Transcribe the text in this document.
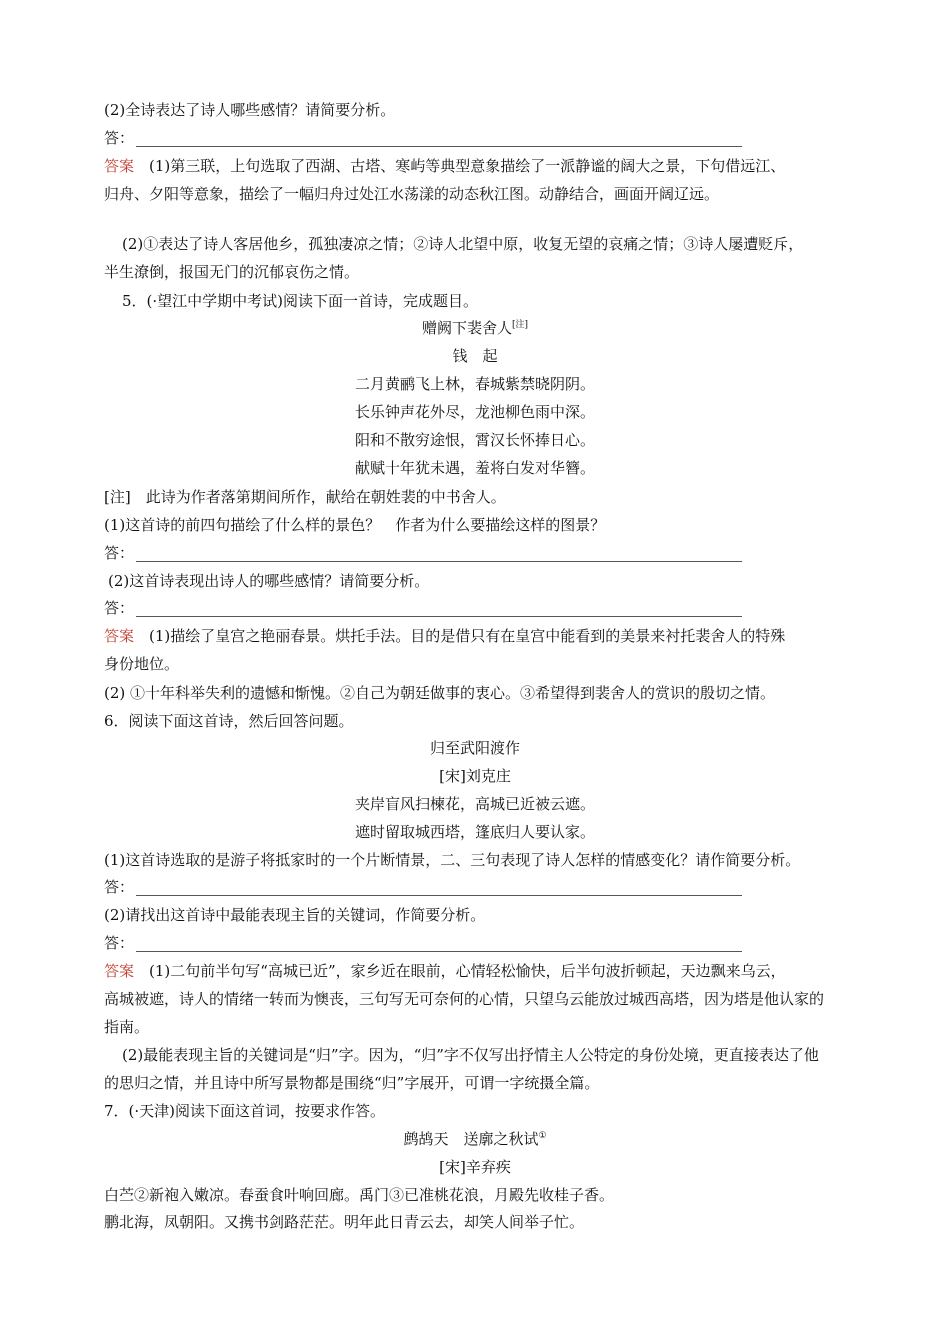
(2)全诗表达了诗人哪些感情？请简要分析。
答：
答案　 (1)第三联，上句选取了西湖、古塔、寒屿等典型意象描绘了一派静谧的阔大之景，下句借远江、
归舟、夕阳等意象，描绘了一幅归舟过处江水荡漾的动态秋江图。动静结合，画面开阔辽远。
(2)①表达了诗人客居他乡，孤独凄凉之情；②诗人北望中原，收复无望的哀痛之情；③诗人屡遭贬斥，
半生潦倒，报国无门的沉郁哀伤之情。
5．(·望江中学期中考试)阅读下面一首诗，完成题目。
赠阙下裴舍人[注]
钱　起
二月黄鹂飞上林，春城紫禁晓阴阴。
长乐钟声花外尽，龙池柳色雨中深。
阳和不散穷途恨，霄汉长怀捧日心。
献赋十年犹未遇，羞将白发对华簪。
[注]　此诗为作者落第期间所作，献给在朝姓裴的中书舍人。
(1)这首诗的前四句描绘了什么样的景色？　作者为什么要描绘这样的图景？
答：
(2)这首诗表现出诗人的哪些感情？请简要分析。
答：
答案　 (1)描绘了皇宫之艳丽春景。烘托手法。目的是借只有在皇宫中能看到的美景来衬托裴舍人的特殊
身份地位。
(2) ①十年科举失利的遗憾和惭愧。②自己为朝廷做事的衷心。③希望得到裴舍人的赏识的殷切之情。
6．阅读下面这首诗，然后回答问题。
归至武阳渡作
[宋]刘克庄
夹岸盲风扫楝花，高城已近被云遮。
遮时留取城西塔，篷底归人要认家。
(1)这首诗选取的是游子将抵家时的一个片断情景，二、三句表现了诗人怎样的情感变化？请作简要分析。
答：
(2)请找出这首诗中最能表现主旨的关键词，作简要分析。
答：
答案　 (1)二句前半句写“高城已近”，家乡近在眼前，心情轻松愉快，后半句波折顿起，天边飘来乌云，
高城被遮，诗人的情绪一转而为懊丧，三句写无可奈何的心情，只望乌云能放过城西高塔，因为塔是他认家的
指南。
(2)最能表现主旨的关键词是“归”字。因为，“归”字不仅写出抒情主人公特定的身份处境，更直接表达了他
的思归之情，并且诗中所写景物都是围绕“归”字展开，可谓一字统摄全篇。
7．(·天津)阅读下面这首词，按要求作答。
鹧鸪天　送廓之秋试①
[宋]辛弃疾
白苎②新袍入嫩凉。春蚕食叶响回廊。禹门③已准桃花浪，月殿先收桂子香。
鹏北海，凤朝阳。又携书剑路茫茫。明年此日青云去，却笑人间举子忙。
